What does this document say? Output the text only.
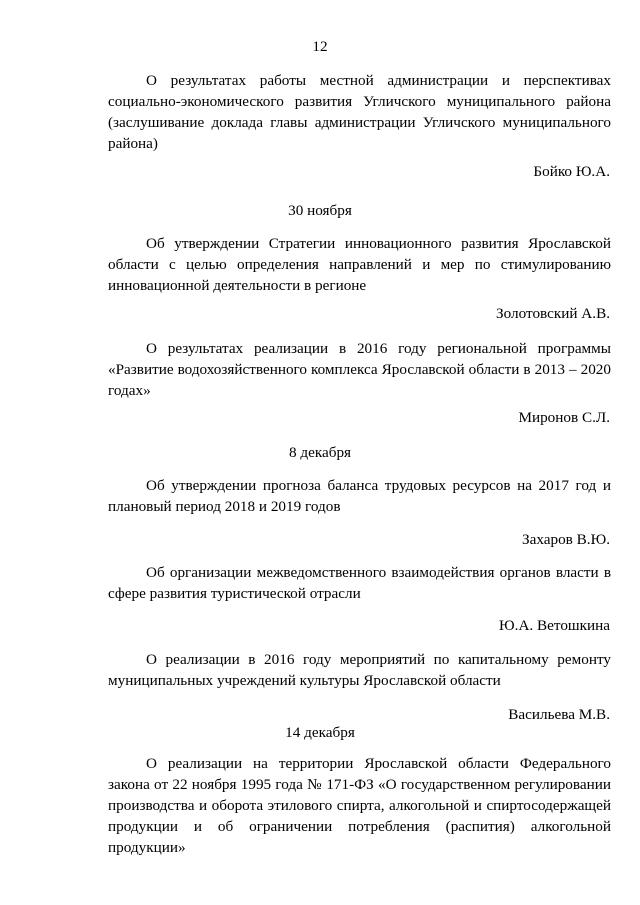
12

О результатах работы местной администрации и перспективах социально-экономического развития Угличского муниципального района (заслушивание доклада главы администрации Угличского муниципального района)

Бойко Ю.А.

30 ноября

Об утверждении Стратегии инновационного развития Ярославской области с целью определения направлений и мер по стимулированию инновационной деятельности в регионе

Золотовский А.В.

О результатах реализации в 2016 году региональной программы «Развитие водохозяйственного комплекса Ярославской области в 2013 – 2020 годах»

Миронов С.Л.

8 декабря

Об утверждении прогноза баланса трудовых ресурсов на 2017 год и плановый период 2018 и 2019 годов

Захаров В.Ю.

Об организации межведомственного взаимодействия органов власти в сфере развития туристической отрасли

Ю.А. Ветошкина

О реализации в 2016 году мероприятий по капитальному ремонту муниципальных учреждений культуры Ярославской области

Васильева М.В.

14 декабря

О реализации на территории Ярославской области Федерального закона от 22 ноября 1995 года № 171-ФЗ «О государственном регулировании производства и оборота этилового спирта, алкогольной и спиртосодержащей продукции и об ограничении потребления (распития) алкогольной продукции»
